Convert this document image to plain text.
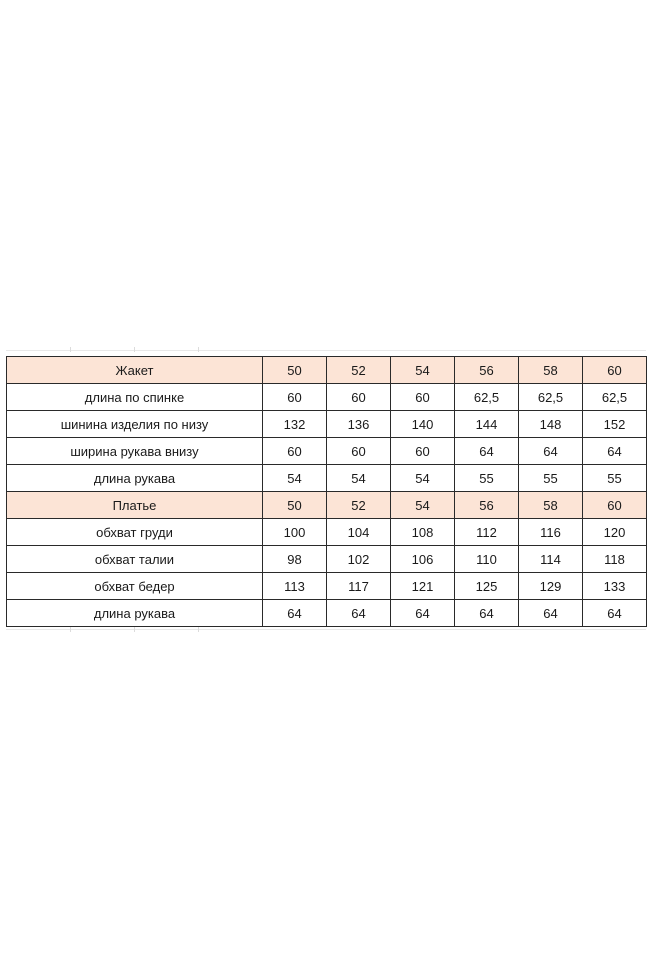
Жакет	50	52	54	56	58	60
длина по спинке	60	60	60	62,5	62,5	62,5
шинина изделия по низу	132	136	140	144	148	152
ширина рукава внизу	60	60	60	64	64	64
длина рукава	54	54	54	55	55	55
Платье	50	52	54	56	58	60
обхват груди	100	104	108	112	116	120
обхват талии	98	102	106	110	114	118
обхват бедер	113	117	121	125	129	133
длина рукава	64	64	64	64	64	64
